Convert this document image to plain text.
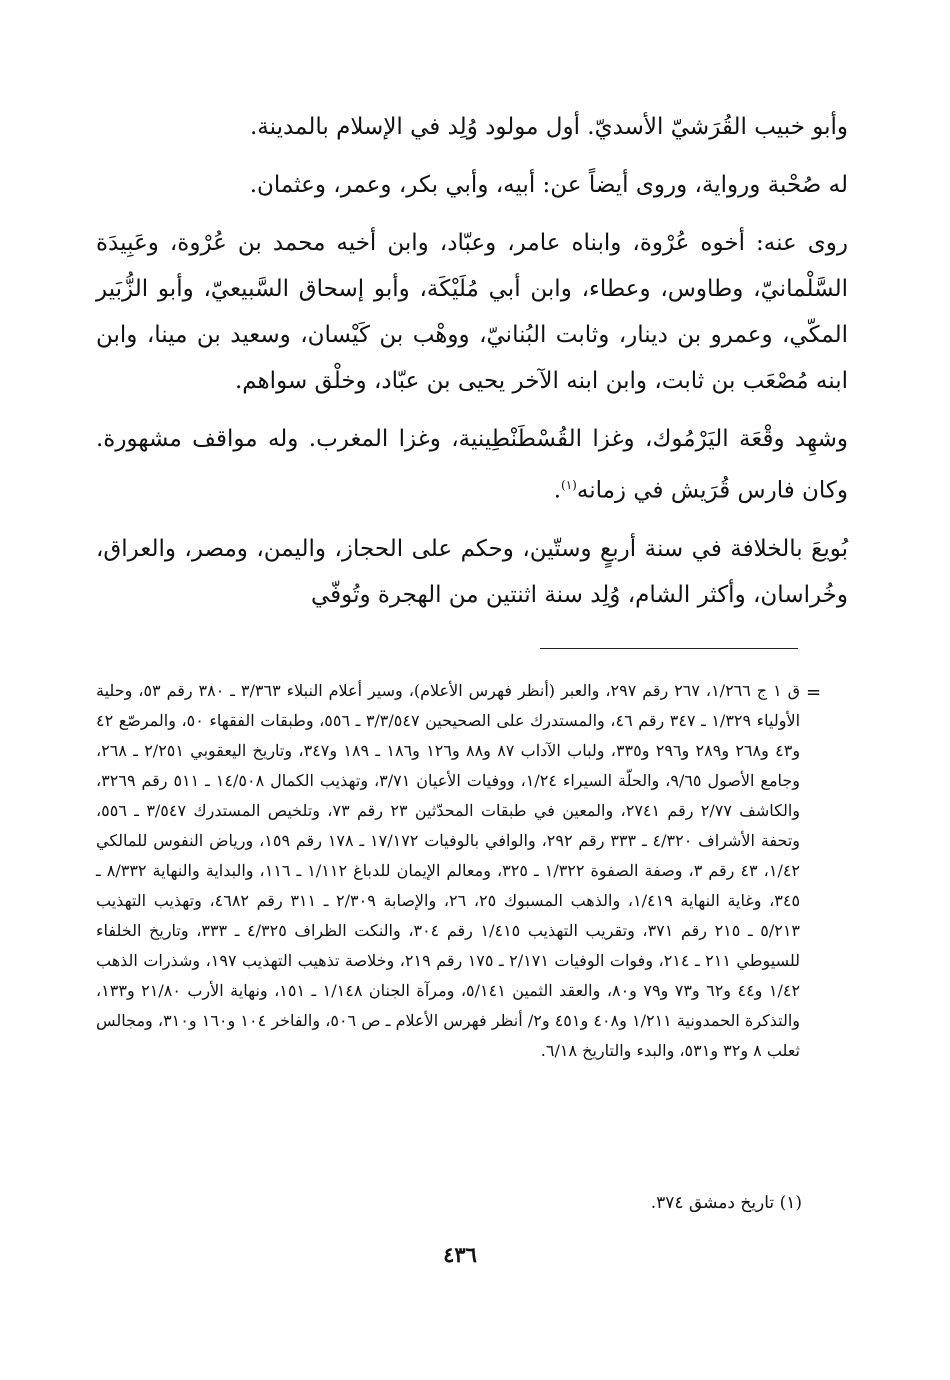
وأبو خبيب القُرَشيّ الأسديّ. أول مولود وُلِد في الإسلام بالمدينة.

له صُحْبة ورواية، وروى أيضاً عن: أبيه، وأبي بكر، وعمر، وعثمان.

روى عنه: أخوه عُرْوة، وابناه عامر، وعبّاد، وابن أخيه محمد بن عُرْوة، وعَبِيدَة السَّلْمانيّ، وطاوس، وعطاء، وابن أبي مُلَيْكَة، وأبو إسحاق السَّبيعيّ، وأبو الزُّبَير المكّي، وعمرو بن دينار، وثابت البُنانيّ، ووهْب بن كَيْسان، وسعيد بن مينا، وابن ابنه مُصْعَب بن ثابت، وابن ابنه الآخر يحيى بن عبّاد، وخلْق سواهم.

وشهِد وقْعَة اليَرْمُوك، وغزا القُسْطَنْطِينية، وغزا المغرب. وله مواقف مشهورة. وكان فارس قُرَيش في زمانه$^{(١)}$.

بُويعَ بالخلافة في سنة أربعٍ وستّين، وحكم على الحجاز، واليمن، ومصر، والعراق، وخُراسان، وأكثر الشام، وُلِد سنة اثنتين من الهجرة وتُوفّي

=
ق ١ ج ١/٢٦٦، ٢٦٧ رقم ٢٩٧، والعبر (أنظر فهرس الأعلام)، وسير أعلام النبلاء ٣/٣٦٣ ـ ٣٨٠ رقم ٥٣، وحلية الأولياء ١/٣٢٩ ـ ٣٤٧ رقم ٤٦، والمستدرك على الصحيحين ٣/٣/٥٤٧ ـ ٥٥٦، وطبقات الفقهاء ٥٠، والمرصّع ٤٢ و٤٣ و٢٦٨ و٢٨٩ و٢٩٦ و٣٣٥، ولباب الآداب ٨٧ و٨٨ و١٢٦ و١٨٦ ـ ١٨٩ و٣٤٧، وتاريخ اليعقوبي ٢/٢٥١ ـ ٢٦٨، وجامع الأصول ٩/٦٥، والحلّة السيراء ١/٢٤، ووفيات الأعيان ٣/٧١، وتهذيب الكمال ١٤/٥٠٨ ـ ٥١١ رقم ٣٢٦٩، والكاشف ٢/٧٧ رقم ٢٧٤١، والمعين في طبقات المحدّثين ٢٣ رقم ٧٣، وتلخيص المستدرك ٣/٥٤٧ ـ ٥٥٦، وتحفة الأشراف ٤/٣٢٠ ـ ٣٣٣ رقم ٢٩٢، والوافي بالوفيات ١٧/١٧٢ ـ ١٧٨ رقم ١٥٩، ورياض النفوس للمالكي ١/٤٢، ٤٣ رقم ٣، وصفة الصفوة ١/٣٢٢ ـ ٣٢٥، ومعالم الإيمان للدباغ ١/١١٢ ـ ١١٦، والبداية والنهاية ٨/٣٣٢ ـ ٣٤٥، وغاية النهاية ١/٤١٩، والذهب المسبوك ٢٥، ٢٦، والإصابة ٢/٣٠٩ ـ ٣١١ رقم ٤٦٨٢، وتهذيب التهذيب ٥/٢١٣ ـ ٢١٥ رقم ٣٧١، وتقريب التهذيب ١/٤١٥ رقم ٣٠٤، والنكت الظراف ٤/٣٢٥ ـ ٣٣٣، وتاريخ الخلفاء للسيوطي ٢١١ ـ ٢١٤، وفوات الوفيات ٢/١٧١ ـ ١٧٥ رقم ٢١٩، وخلاصة تذهيب التهذيب ١٩٧، وشذرات الذهب ١/٤٢ و٤٤ و٦٢ و٧٣ و٧٩ و٨٠، والعقد الثمين ٥/١٤١، ومرآة الجنان ١/١٤٨ ـ ١٥١، ونهاية الأرب ٢١/٨٠ و١٣٣، والتذكرة الحمدونية ١/٢١١ و٤٠٨ و٤٥١ و٢/ أنظر فهرس الأعلام ـ ص ٥٠٦، والفاخر ١٠٤ و١٦٠ و٣١٠، ومجالس ثعلب ٨ و٣٢ و٥٣١، والبدء والتاريخ ٦/١٨.
(١) تاريخ دمشق ٣٧٤.
٤٣٦
